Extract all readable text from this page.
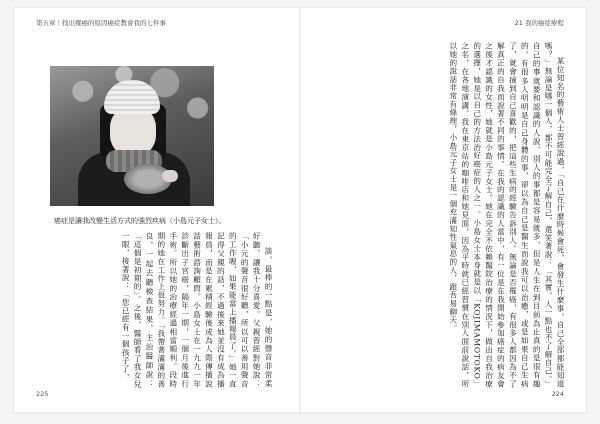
第五章｜找出罹癌的原因癌症教會我的七件事	21 我的癌症療程
癌症是讓我改變生活方式的強烈疾病（小島元子女士）。

談，最棒的一點是，她的聲音非常柔好聽，讓我十分喜愛。父親曾經對她說：「小元的聲音很好聽，所以可以善用聲音的工作喔，如果能當上播報員了。」她一直記得父親的話，不過後來她並沒有成為播報員，而是在累積經驗後成為人際傳播說話藝術諮詢顧問。小島女士在一九九一年診斷出子宮癌，隔年一期，一個月後進行手術。所以她的治療經過相當順利。段時期的她在工作上很努力。「我帶著滿滿的善良，一起去聽檢查結果，主治醫師說：「這個是初期的」。之後，醫師看了我女兒一眼，接著說：「您已經有一個孩子了，	某位知名的藝術人士曾經說過，「自己在什麼時候會死，會發生什麼事，自己全部都能知道嗎？」無論是哪一個人，都不可能完全了解自己，還笑著說：「其實，人一點也不了解自己。」自己的事就要和認識的人說，別人的事都是容易就多，但是人生在到目前為止真的是很有趣的。有很多人明明是自己身體的事，卻以為自己是醫生而說我可以治癒，或是如果自己生病了，就會撿到自己喜歡的，把這些生病的經驗告訴別人。無論是否罹癌，有很多人都因為不了解真正的自我而說著不同的事情。在我的認識的人當中，有一位是在我開始參加癌症的病友會之後才認識的女性，她就是小島元子女士。她在完全不依賴醫院治療的情況下，做出自我治療的選擇，她是以自己的方法治好癌症的人之一。小島女士本身就是以「KOJIMAMOTOKO」之名，在各地演講。我在東京站的咖啡店和她見面，因為平時就已經習慣在別人面前說話，所以她的說話非常有條理，小島元子女士是一個充滿知性氣息的人，跟吾易聊天。

225	224
